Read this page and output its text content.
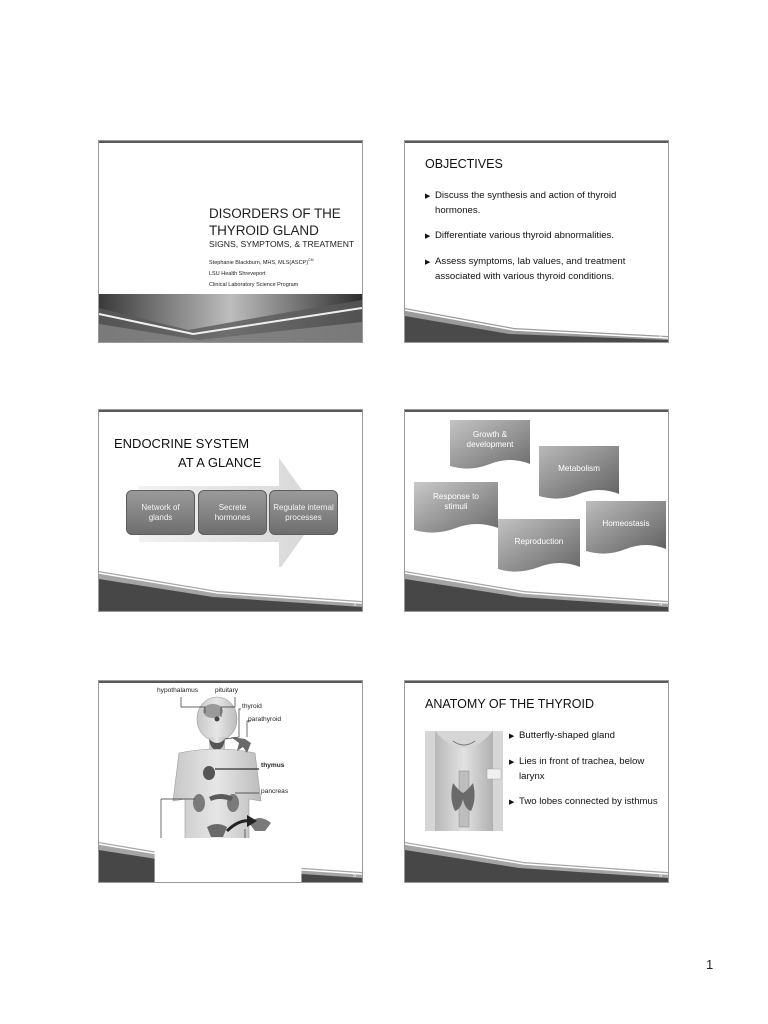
DISORDERS OF THE
THYROID GLAND
SIGNS, SYMPTOMS, & TREATMENT
Stephanie Blackburn, MHS, MLS(ASCP)$^{CM}$
LSU Health Shreveport
Clinical Laboratory Science Program
OBJECTIVES
▶ Discuss the synthesis and action of thyroid hormones.
▶ Differentiate various thyroid abnormalities.
▶ Assess symptoms, lab values, and treatment associated with various thyroid conditions.
2
ENDOCRINE SYSTEM
AT A GLANCE
Network of glands
Secrete hormones
Regulate internal processes
3
Growth & development
Metabolism
Response to stimuli
Homeostasis
Reproduction
4
hypothalamus	pituitary
thyroid
parathyroid
thymus
pancreas
5
ANATOMY OF THE THYROID
▶ Butterfly-shaped gland
▶ Lies in front of trachea, below larynx
▶ Two lobes connected by isthmus
6
1
